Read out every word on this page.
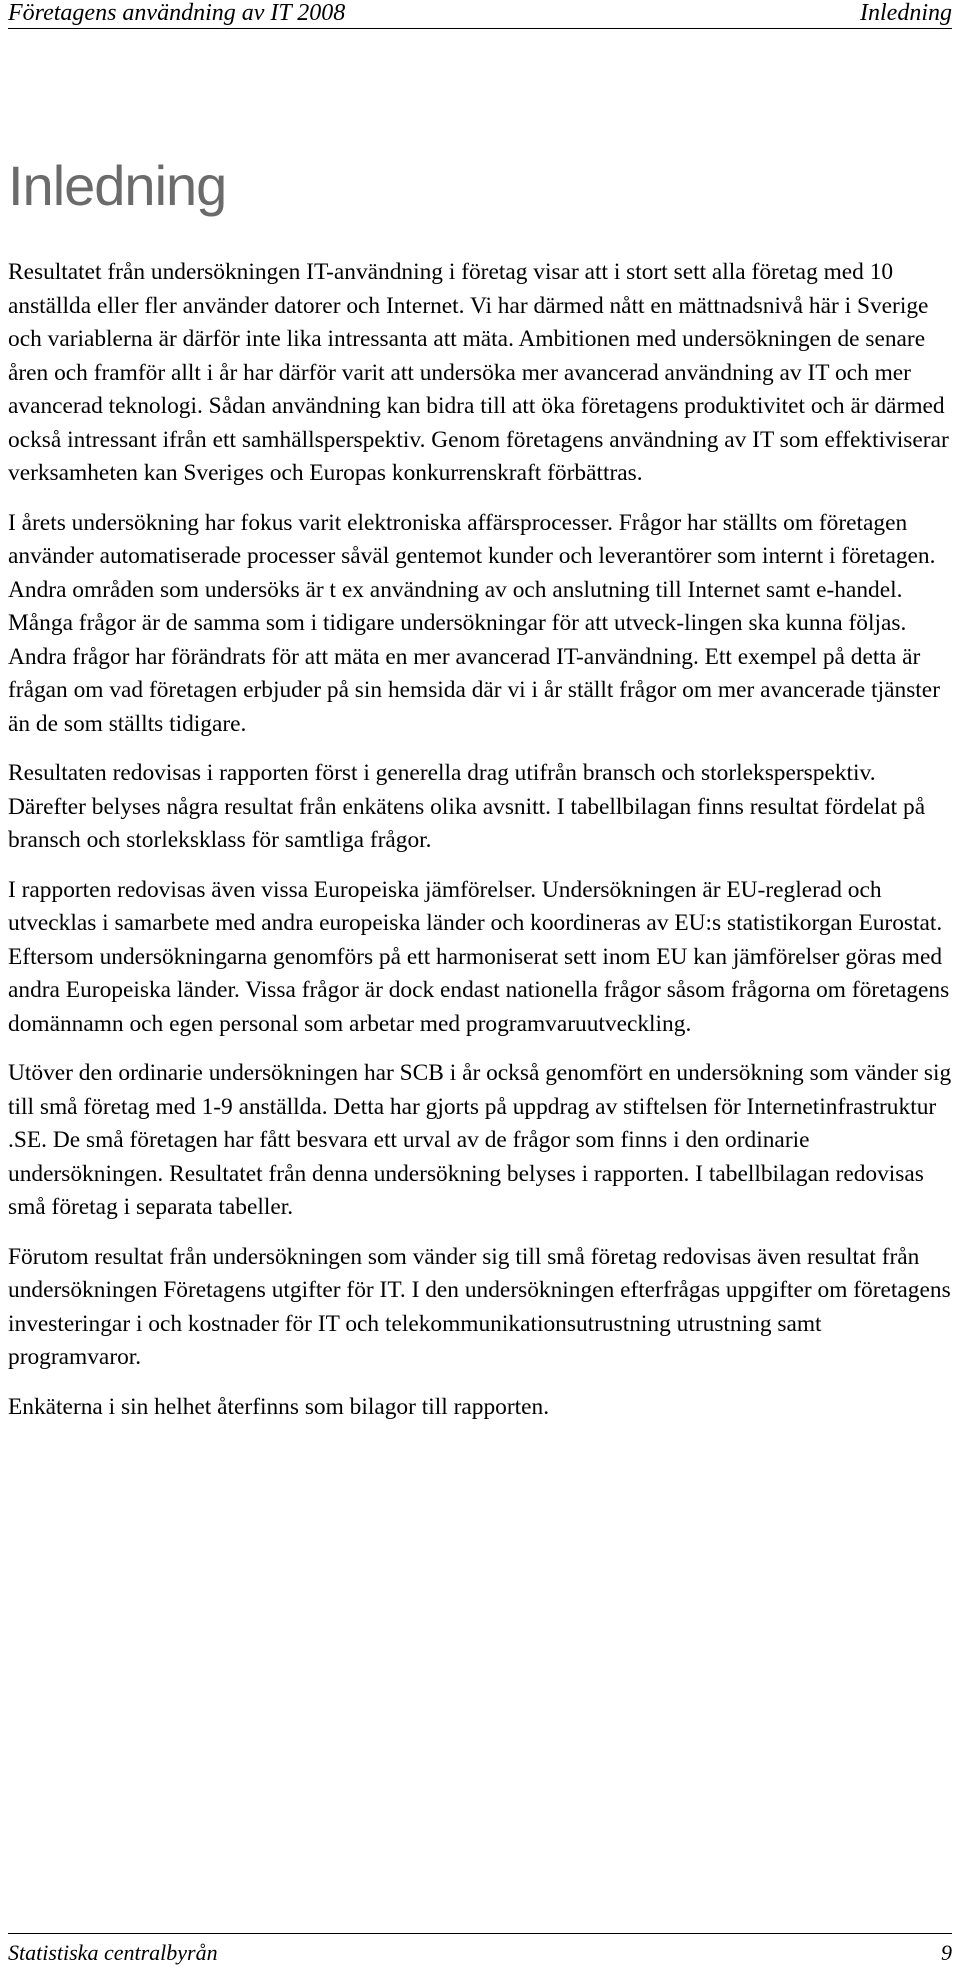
Företagens användning av IT 2008	Inledning
Inledning

Resultatet från undersökningen IT-användning i företag visar att i stort sett alla företag med 10 anställda eller fler använder datorer och Internet. Vi har därmed nått en mättnadsnivå här i Sverige och variablerna är därför inte lika intressanta att mäta. Ambitionen med undersökningen de senare åren och framför allt i år har därför varit att undersöka mer avancerad användning av IT och mer avancerad teknologi. Sådan användning kan bidra till att öka företagens produktivitet och är därmed också intressant ifrån ett samhällsperspektiv. Genom företagens användning av IT som effektiviserar verksamheten kan Sveriges och Europas konkurrenskraft förbättras.

I årets undersökning har fokus varit elektroniska affärsprocesser. Frågor har ställts om företagen använder automatiserade processer såväl gentemot kunder och leverantörer som internt i företagen. Andra områden som undersöks är t ex användning av och anslutning till Internet samt e-handel. Många frågor är de samma som i tidigare undersökningar för att utveck-lingen ska kunna följas. Andra frågor har förändrats för att mäta en mer avancerad IT-användning. Ett exempel på detta är frågan om vad företagen erbjuder på sin hemsida där vi i år ställt frågor om mer avancerade tjänster än de som ställts tidigare.

Resultaten redovisas i rapporten först i generella drag utifrån bransch och storleksperspektiv. Därefter belyses några resultat från enkätens olika avsnitt. I tabellbilagan finns resultat fördelat på bransch och storleksklass för samtliga frågor.

I rapporten redovisas även vissa Europeiska jämförelser. Undersökningen är EU-reglerad och utvecklas i samarbete med andra europeiska länder och koordineras av EU:s statistikorgan Eurostat. Eftersom undersökningarna genomförs på ett harmoniserat sett inom EU kan jämförelser göras med andra Europeiska länder. Vissa frågor är dock endast nationella frågor såsom frågorna om företagens domännamn och egen personal som arbetar med programvaruutveckling.

Utöver den ordinarie undersökningen har SCB i år också genomfört en undersökning som vänder sig till små företag med 1-9 anställda. Detta har gjorts på uppdrag av stiftelsen för Internetinfrastruktur .SE. De små företagen har fått besvara ett urval av de frågor som finns i den ordinarie undersökningen. Resultatet från denna undersökning belyses i rapporten. I tabellbilagan redovisas små företag i separata tabeller.

Förutom resultat från undersökningen som vänder sig till små företag redovisas även resultat från undersökningen Företagens utgifter för IT. I den undersökningen efterfrågas uppgifter om företagens investeringar i och kostnader för IT och telekommunikationsutrustning utrustning samt programvaror.

Enkäterna i sin helhet återfinns som bilagor till rapporten.

Statistiska centralbyrån	9
